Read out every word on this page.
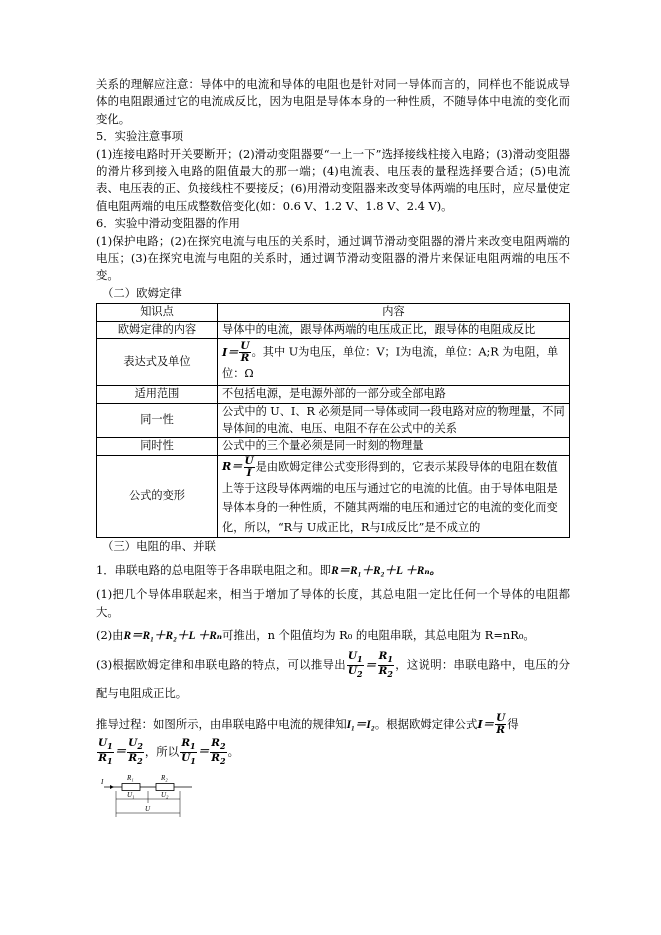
关系的理解应注意：导体中的电流和导体的电阻也是针对同一导体而言的，同样也不能说成导体的电阻跟通过它的电流成反比，因为电阻是导体本身的一种性质，不随导体中电流的变化而变化。

5．实验注意事项

(1)连接电路时开关要断开；(2)滑动变阻器要“一上一下”选择接线柱接入电路；(3)滑动变阻器的滑片移到接入电路的阻值最大的那一端；(4)电流表、电压表的量程选择要合适；(5)电流表、电压表的正、负接线柱不要接反；(6)用滑动变阻器来改变导体两端的电压时，应尽量使定值电阻两端的电压成整数倍变化(如：0.6 V、1.2 V、1.8 V、2.4 V)。

6．实验中滑动变阻器的作用

(1)保护电路；(2)在探究电流与电压的关系时，通过调节滑动变阻器的滑片来改变电阻两端的电压；(3)在探究电流与电阻的关系时，通过调节滑动变阻器的滑片来保证电阻两端的电压不变。

（二）欧姆定律

知识点	内容
欧姆定律的内容	导体中的电流，跟导体两端的电压成正比，跟导体的电阻成反比
表达式及单位	$I= \frac{U}{R}$ 。其中 U为电压，单位：V；I为电流，单位：A;R 为电阻，单位：Ω
适用范围	不包括电源，是电源外部的一部分或全部电路
同一性	公式中的 U、I、R 必须是同一导体或同一段电路对应的物理量，不同导体间的电流、电压、电阻不存在公式中的关系
同时性	公式中的三个量必须是同一时刻的物理量
公式的变形	$R= \frac{U}{I}$ 是由欧姆定律公式变形得到的，它表示某段导体的电阻在数值上等于这段导体两端的电压与通过它的电流的比值。由于导体电阻是导体本身的一种性质，不随其两端的电压和通过它的电流的变化而变化，所以，“R与 U成正比，R与I成反比”是不成立的

（三）电阻的串、并联

1．串联电路的总电阻等于各串联电阻之和。即R＝R₁＋R₂＋L ＋Rₙ。

(1)把几个导体串联起来，相当于增加了导体的长度，其总电阻一定比任何一个导体的电阻都大。

(2)由R＝R₁＋R₂＋L ＋Rₙ可推出，n 个阻值均为 R₀ 的电阻串联，其总电阻为 R=nR₀。

(3)根据欧姆定律和串联电路的特点，可以推导出 $\frac{U_1}{U_2} = \frac{R_1}{R_2}$ ，这说明：串联电路中，电压的分配与电阻成正比。

推导过程：如图所示，由串联电路中电流的规律知I₁＝I₂。根据欧姆定律公式$I= \frac{U}{R}$ 得

$\frac{U_1}{R_1} = \frac{U_2}{R_2}$ ，所以 $\frac{R_1}{U_1} = \frac{R_2}{R_2}$ 。

I	R₁	R₂
U₁	U₂
U
